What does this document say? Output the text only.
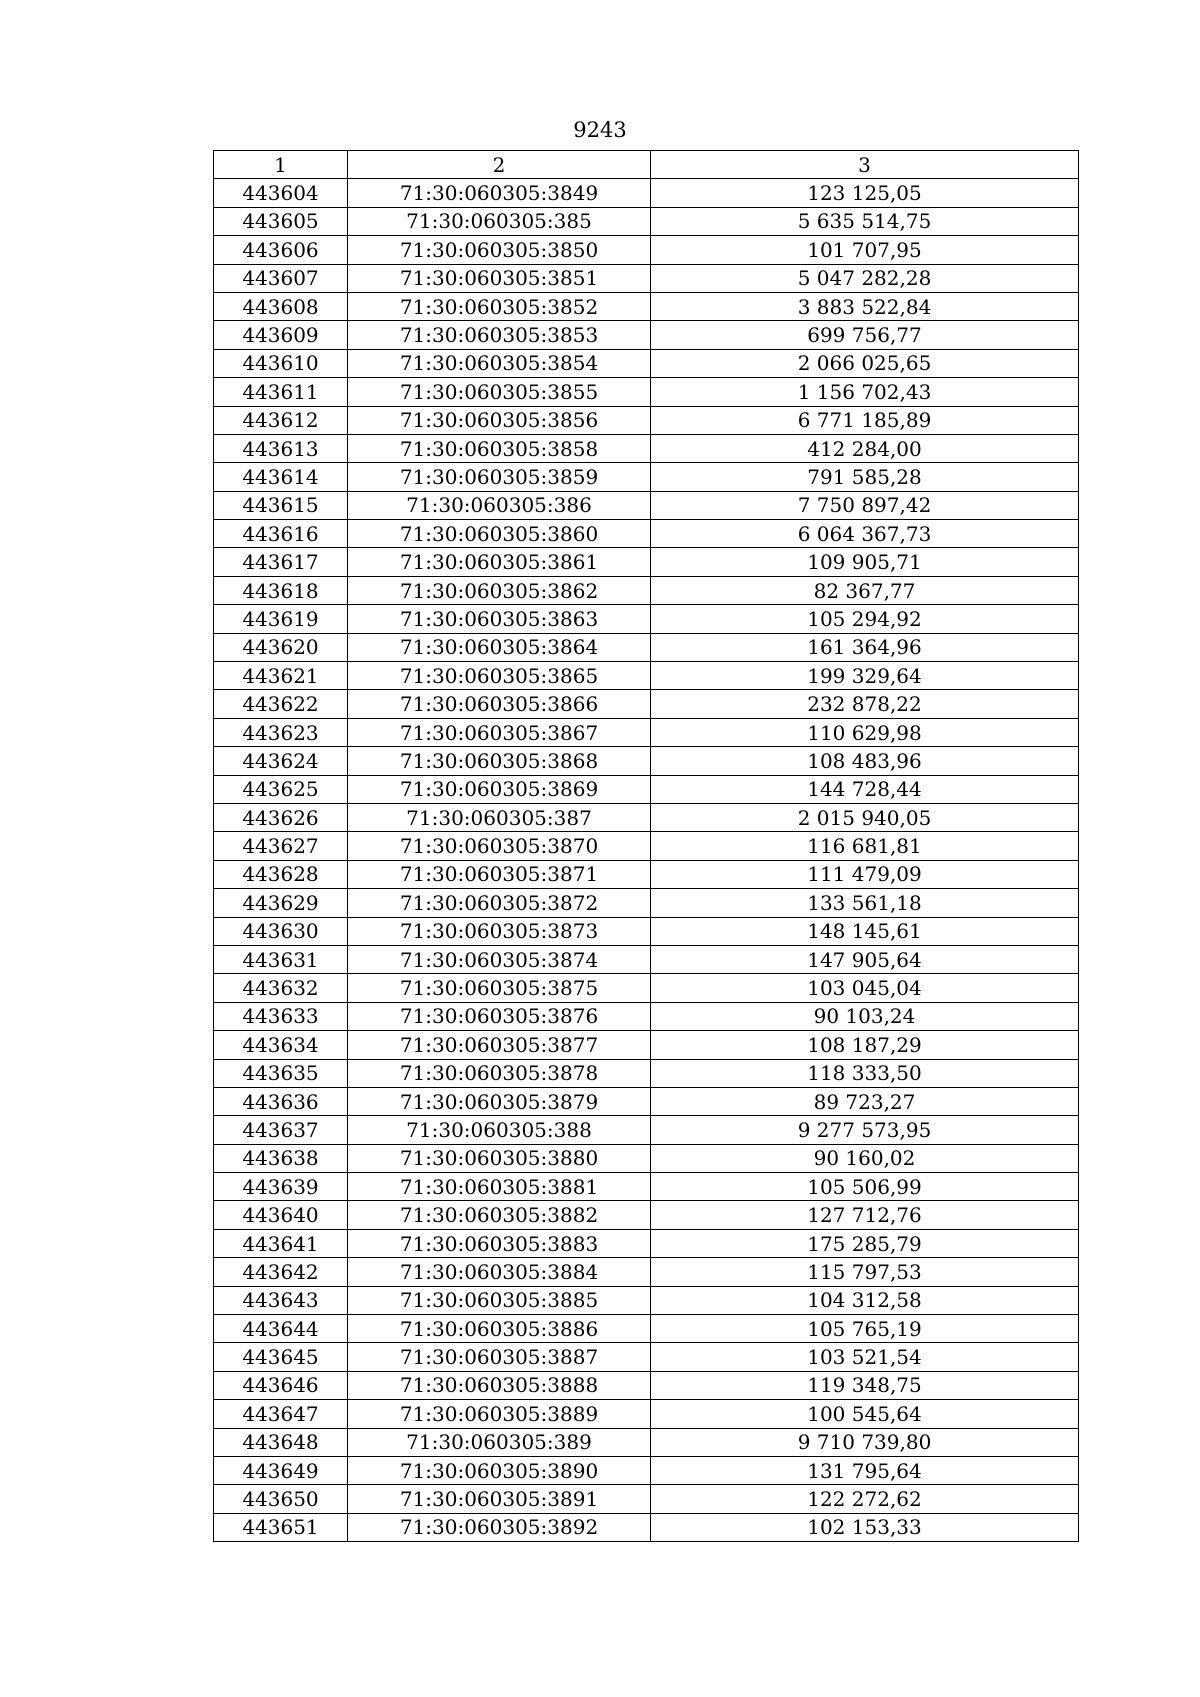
9243
1	2	3
443604	71:30:060305:3849	123 125,05
443605	71:30:060305:385	5 635 514,75
443606	71:30:060305:3850	101 707,95
443607	71:30:060305:3851	5 047 282,28
443608	71:30:060305:3852	3 883 522,84
443609	71:30:060305:3853	699 756,77
443610	71:30:060305:3854	2 066 025,65
443611	71:30:060305:3855	1 156 702,43
443612	71:30:060305:3856	6 771 185,89
443613	71:30:060305:3858	412 284,00
443614	71:30:060305:3859	791 585,28
443615	71:30:060305:386	7 750 897,42
443616	71:30:060305:3860	6 064 367,73
443617	71:30:060305:3861	109 905,71
443618	71:30:060305:3862	82 367,77
443619	71:30:060305:3863	105 294,92
443620	71:30:060305:3864	161 364,96
443621	71:30:060305:3865	199 329,64
443622	71:30:060305:3866	232 878,22
443623	71:30:060305:3867	110 629,98
443624	71:30:060305:3868	108 483,96
443625	71:30:060305:3869	144 728,44
443626	71:30:060305:387	2 015 940,05
443627	71:30:060305:3870	116 681,81
443628	71:30:060305:3871	111 479,09
443629	71:30:060305:3872	133 561,18
443630	71:30:060305:3873	148 145,61
443631	71:30:060305:3874	147 905,64
443632	71:30:060305:3875	103 045,04
443633	71:30:060305:3876	90 103,24
443634	71:30:060305:3877	108 187,29
443635	71:30:060305:3878	118 333,50
443636	71:30:060305:3879	89 723,27
443637	71:30:060305:388	9 277 573,95
443638	71:30:060305:3880	90 160,02
443639	71:30:060305:3881	105 506,99
443640	71:30:060305:3882	127 712,76
443641	71:30:060305:3883	175 285,79
443642	71:30:060305:3884	115 797,53
443643	71:30:060305:3885	104 312,58
443644	71:30:060305:3886	105 765,19
443645	71:30:060305:3887	103 521,54
443646	71:30:060305:3888	119 348,75
443647	71:30:060305:3889	100 545,64
443648	71:30:060305:389	9 710 739,80
443649	71:30:060305:3890	131 795,64
443650	71:30:060305:3891	122 272,62
443651	71:30:060305:3892	102 153,33
